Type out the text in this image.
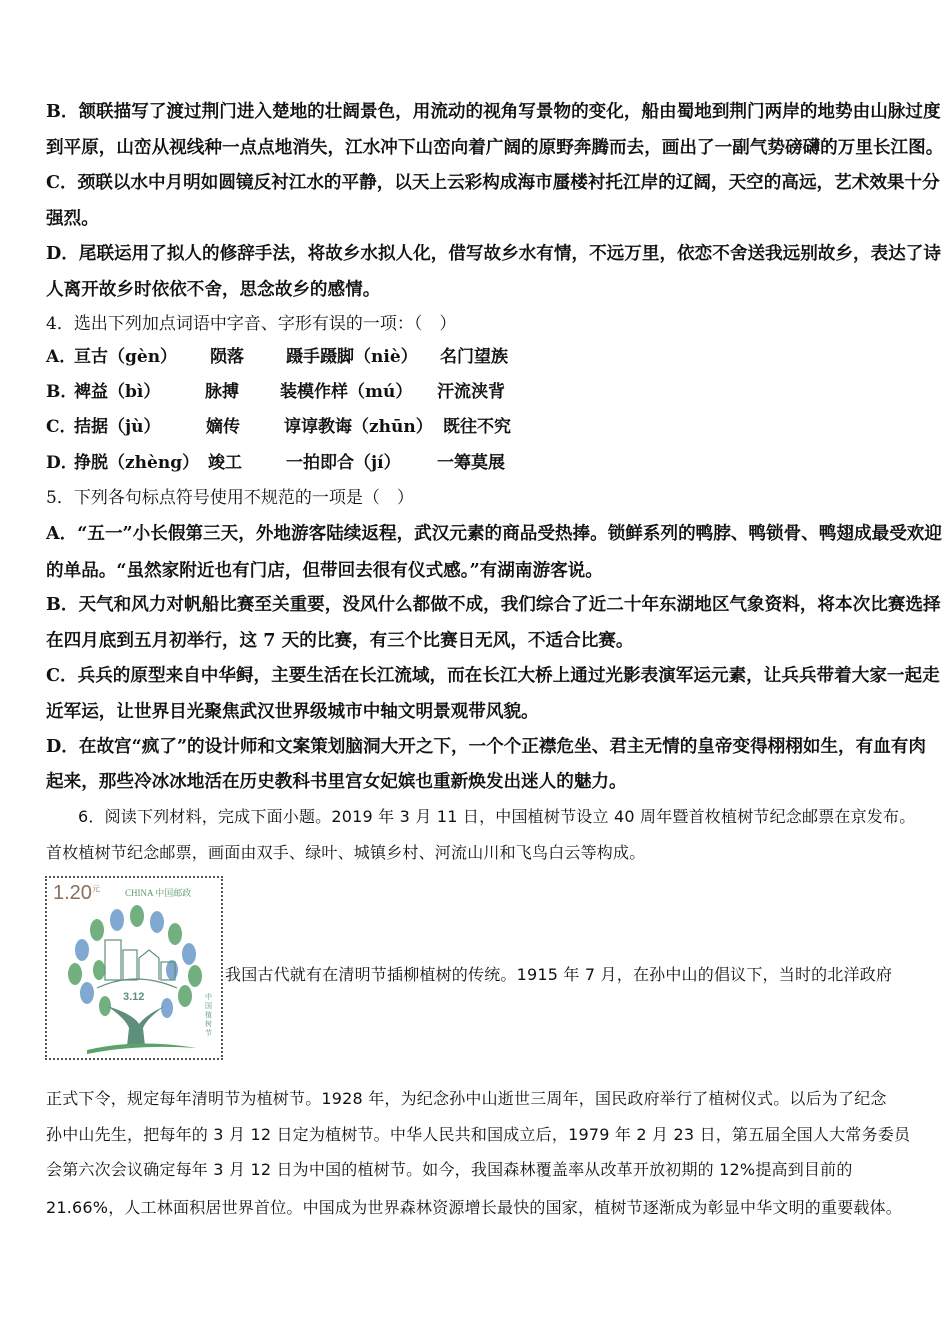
B．颔联描写了渡过荆门进入楚地的壮阔景色，用流动的视角写景物的变化，船由蜀地到荆门两岸的地势由山脉过度
到平原，山峦从视线种一点点地消失，江水冲下山峦向着广阔的原野奔腾而去，画出了一副气势磅礴的万里长江图。
C．颈联以水中月明如圆镜反衬江水的平静，以天上云彩构成海市蜃楼衬托江岸的辽阔，天空的高远，艺术效果十分
强烈。
D．尾联运用了拟人的修辞手法，将故乡水拟人化，借写故乡水有情，不远万里，依恋不舍送我远别故乡，表达了诗
人离开故乡时依依不舍，思念故乡的感情。
4．选出下列加点词语中字音、字形有误的一项：（　）
A．
亘古（gèn） 陨落 蹑手蹑脚（niè） 名门望族
B．
裨益（bì）	脉搏 装模作样（mú） 汗流浃背
C．
拮据（jù）	嫡传	谆谆教诲（zhūn） 既往不究
D．
挣脱（zhèng） 竣工	一拍即合（jí） 一筹莫展
5．下列各句标点符号使用不规范的一项是（　）
A．“五一”小长假第三天，外地游客陆续返程，武汉元素的商品受热捧。锁鲜系列的鸭脖、鸭锁骨、鸭翅成最受欢迎
的单品。“虽然家附近也有门店，但带回去很有仪式感。”有湖南游客说。
B．天气和风力对帆船比赛至关重要，没风什么都做不成，我们综合了近二十年东湖地区气象资料，将本次比赛选择
在四月底到五月初举行，这 7 天的比赛，有三个比赛日无风，不适合比赛。
C．兵兵的原型来自中华鲟，主要生活在长江流域，而在长江大桥上通过光影表演军运元素，让兵兵带着大家一起走
近军运，让世界目光聚焦武汉世界级城市中轴文明景观带风貌。
D．在故宫“疯了”的设计师和文案策划脑洞大开之下，一个个正襟危坐、君主无情的皇帝变得栩栩如生，有血有肉
起来，那些冷冰冰地活在历史教科书里宫女妃嫔也重新焕发出迷人的魅力。
6．阅读下列材料，完成下面小题。2019 年 3 月 11 日，中国植树节设立 40 周年暨首枚植树节纪念邮票在京发布。
首枚植树节纪念邮票，画面由双手、绿叶、城镇乡村、河流山川和飞鸟白云等构成。
$1.20^元$	CHINA 中国邮政
3.12	中国植树节
我国古代就有在清明节插柳植树的传统。1915 年 7 月，在孙中山的倡议下，当时的北洋政府
正式下令，规定每年清明节为植树节。1928 年，为纪念孙中山逝世三周年，国民政府举行了植树仪式。以后为了纪念
孙中山先生，把每年的 3 月 12 日定为植树节。中华人民共和国成立后，1979 年 2 月 23 日，第五届全国人大常务委员
会第六次会议确定每年 3 月 12 日为中国的植树节。如今，我国森林覆盖率从改革开放初期的 12%提高到目前的
21.66%，人工林面积居世界首位。中国成为世界森林资源增长最快的国家，植树节逐渐成为彰显中华文明的重要载体。
